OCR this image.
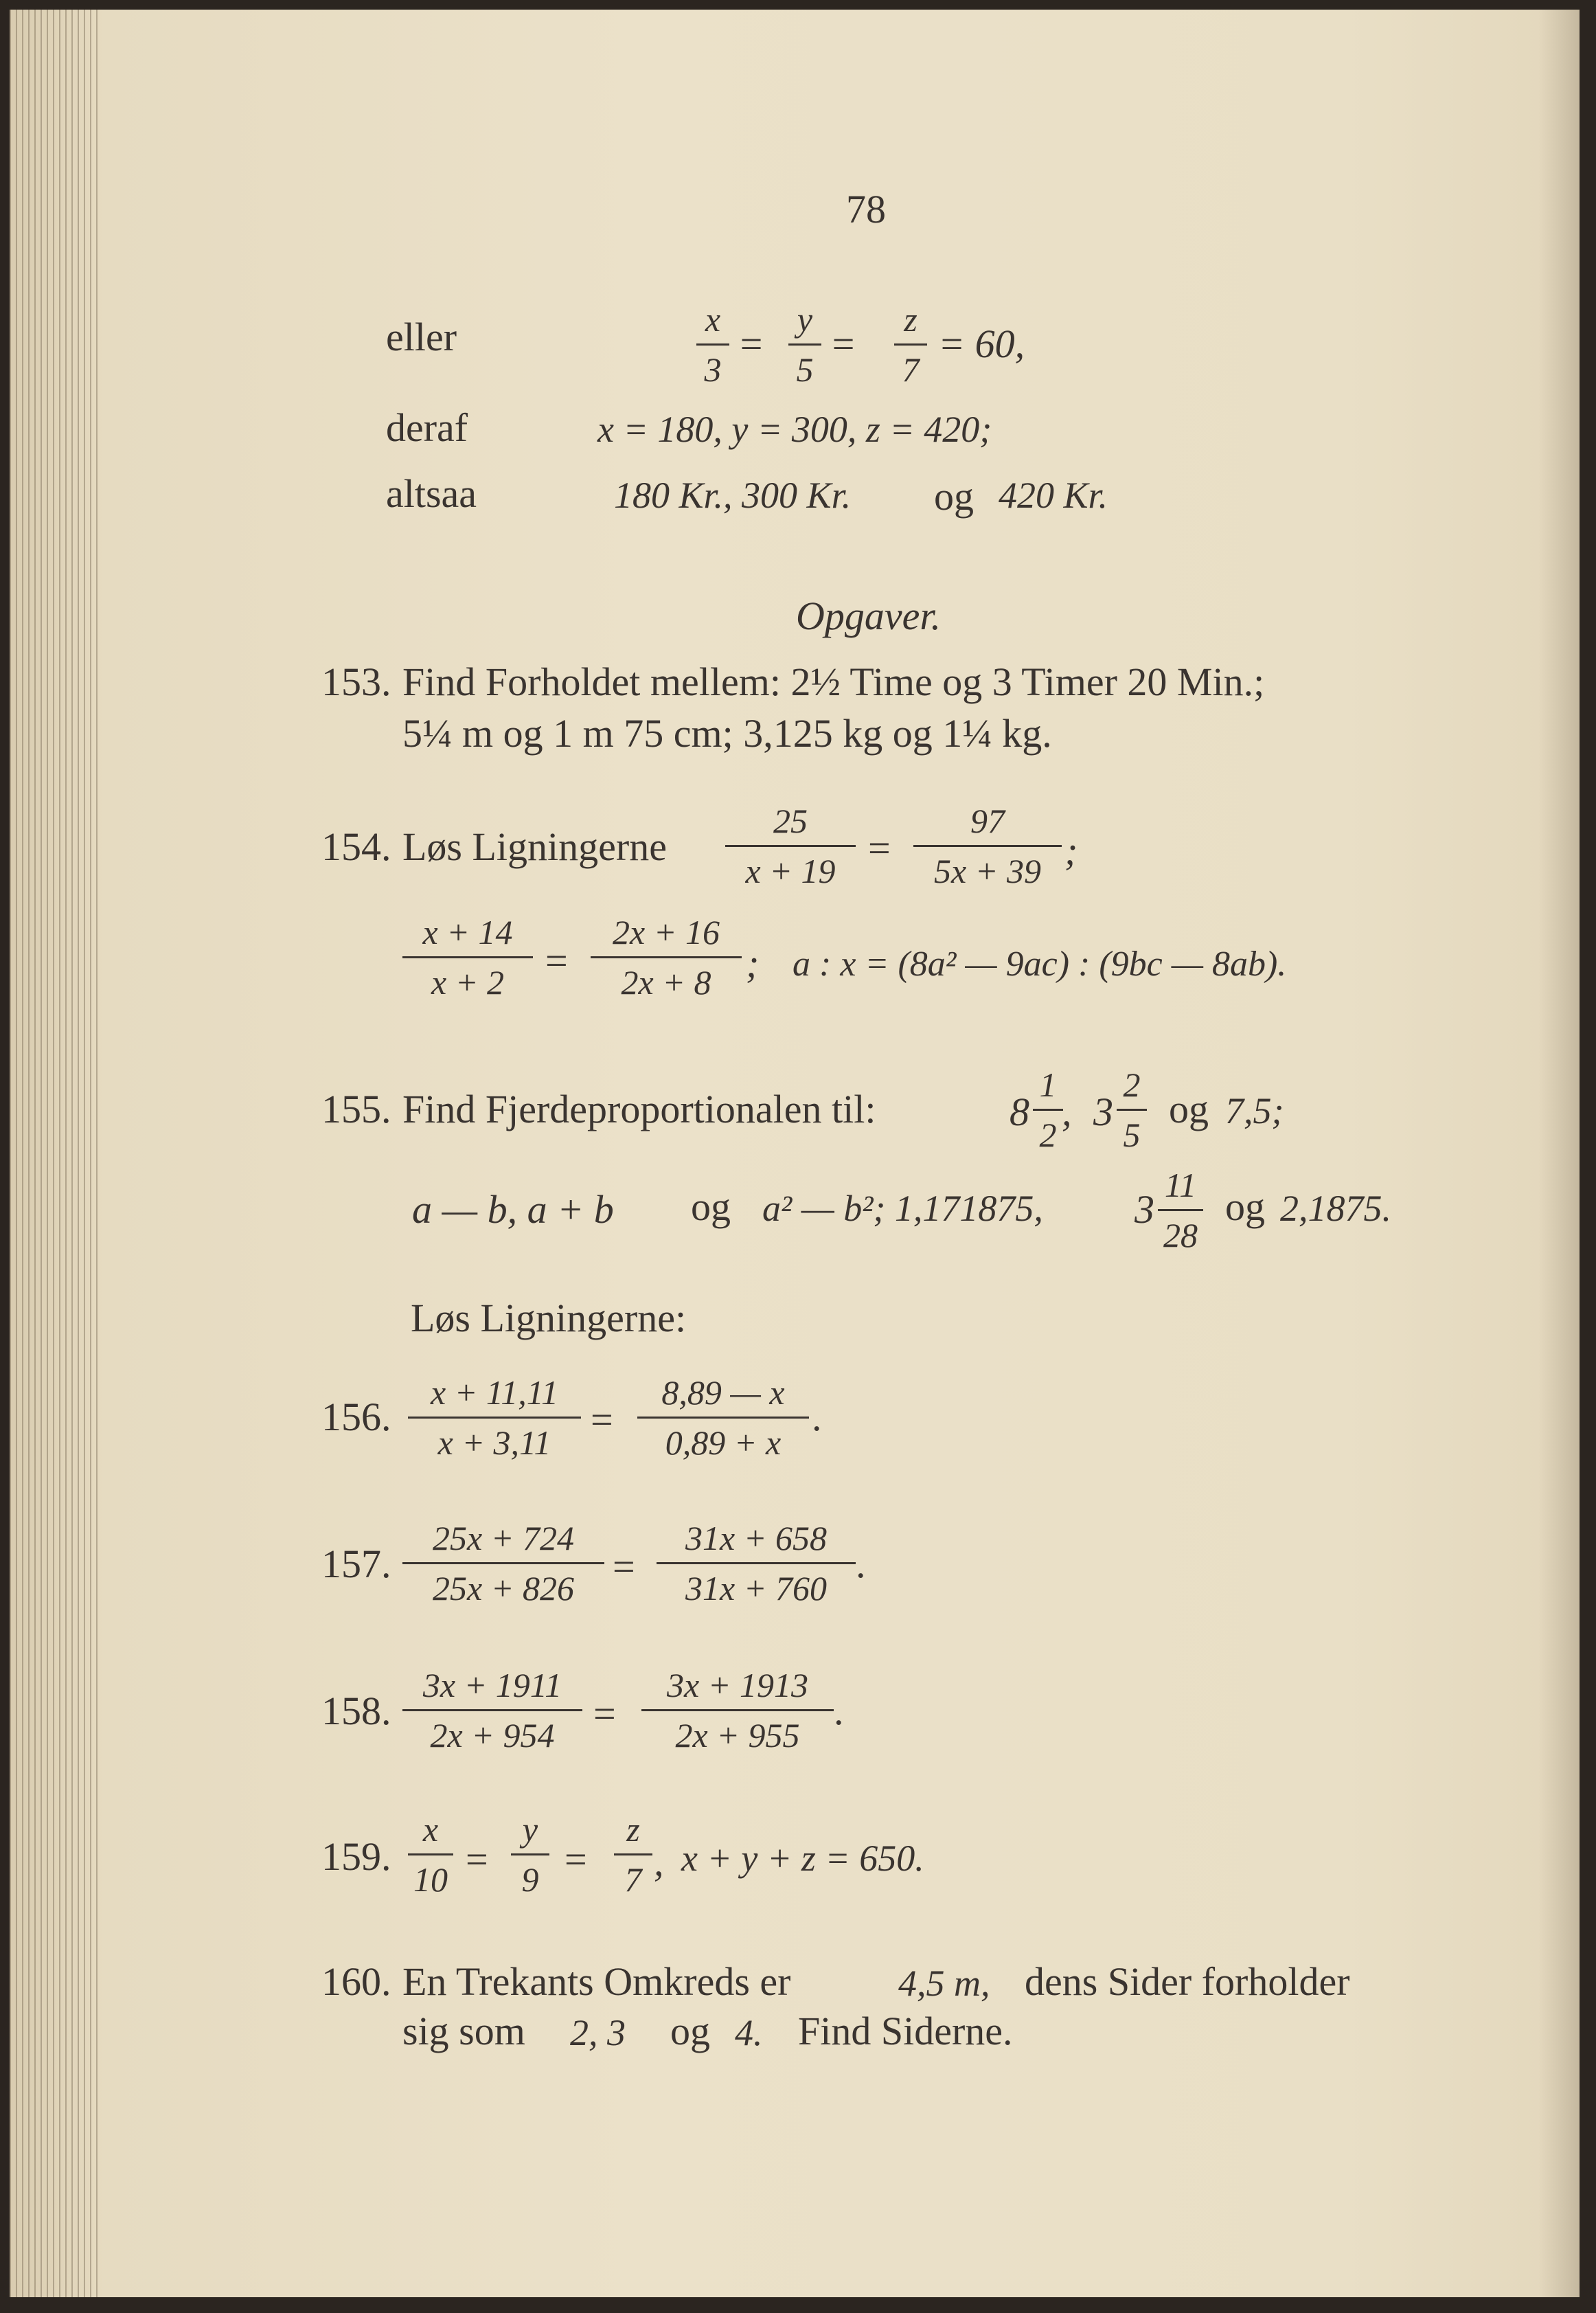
78
eller	$\frac{x}{3} = \frac{y}{5} = \frac{z}{7} = 60$,
deraf	x = 180, y = 300, z = 420;
altsaa	180 Kr., 300 Kr. og 420 Kr.
Opgaver.
153. Find Forholdet mellem: 2½ Time og 3 Timer 20 Min.;
5¼ m og 1 m 75 cm; 3,125 kg og 1¼ kg.
154. Løs Ligningerne $\frac{25}{x + 19} = \frac{97}{5x + 39}$ ;
$\frac{x + 14}{x + 2} = \frac{2x + 16}{2x + 8}$ ; a : x = (8a² — 9ac) : (9bc — 8ab).
155. Find Fjerdeproportionalen til:	$8 \frac{1}{2}$
, $3 \frac{2}{5}$ og 7,5;
a — b, a + b og a² — b²; 1,171875, $3 \frac{11}{28}$ og 2,1875.
Løs Ligningerne:
156. $\frac{x + 11,11}{x + 3,11} = \frac{8,89 — x}{0,89 + x}$ .
157. $\frac{25x + 724}{25x + 826} = \frac{31x + 658}{31x + 760}$ .
158. $\frac{3x + 1911}{2x + 954} = \frac{3x + 1913}{2x + 955}$ .
159. $\frac{x}{10} = \frac{y}{9} = \frac{z}{7}$ , x + y + z = 650.
160. En Trekants Omkreds er	4,5 m, dens Sider forholder
sig som 2, 3 og 4. Find Siderne.
